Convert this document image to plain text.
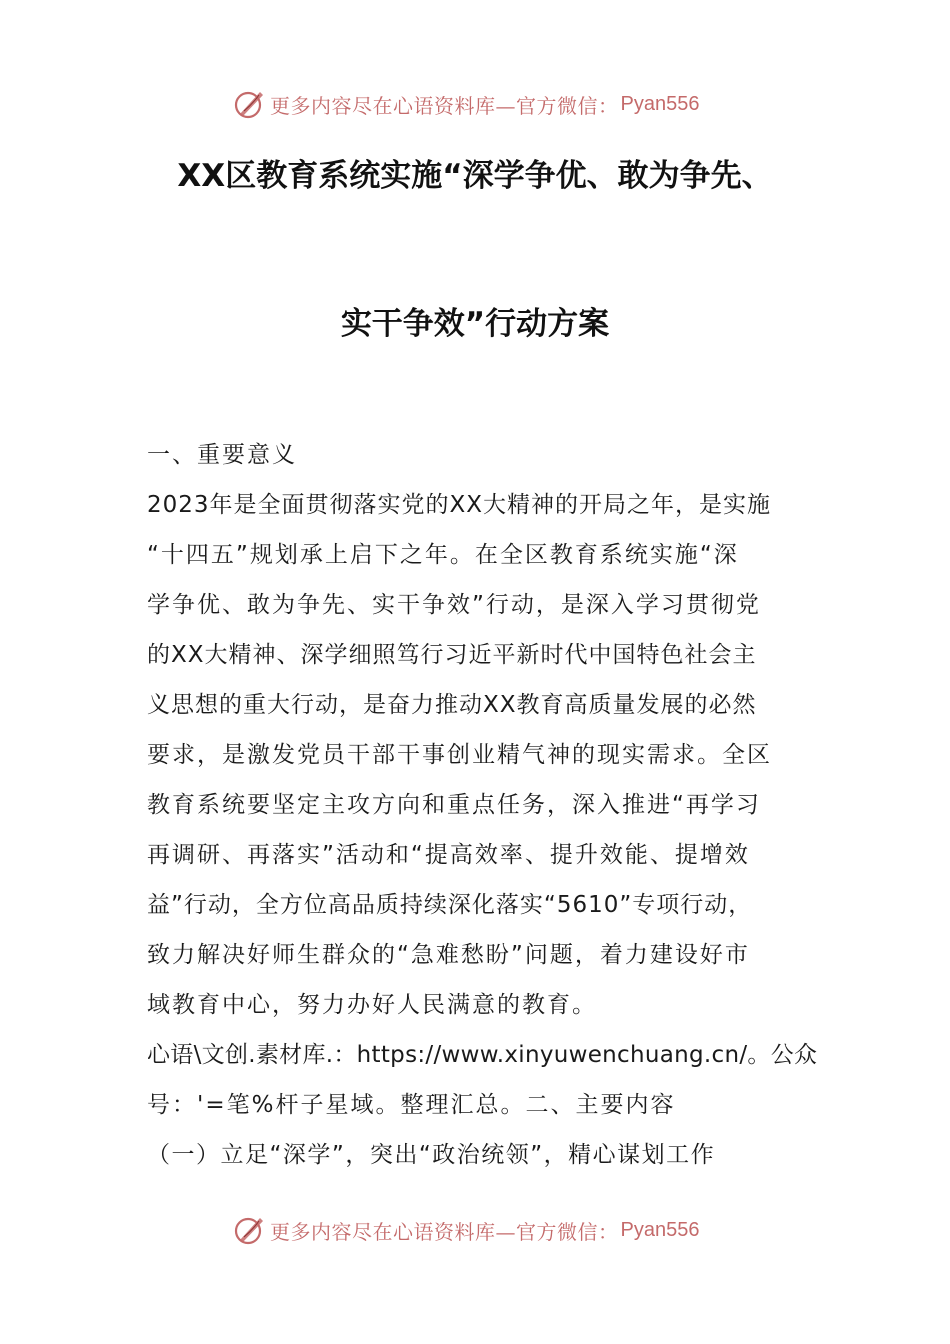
更多内容尽在心语资料库—官方微信： Pyan556
XX区教育系统实施“深学争优、敢为争先、
实干争效”行动方案
一、重要意义
2023年是全面贯彻落实党的XX大精神的开局之年，是实施
“十四五”规划承上启下之年。在全区教育系统实施“深
学争优、敢为争先、实干争效”行动，是深入学习贯彻党
的XX大精神、深学细照笃行习近平新时代中国特色社会主
义思想的重大行动，是奋力推动XX教育高质量发展的必然
要求，是激发党员干部干事创业精气神的现实需求。全区
教育系统要坚定主攻方向和重点任务，深入推进“再学习
再调研、再落实”活动和“提高效率、提升效能、提增效
益”行动，全方位高品质持续深化落实“5610”专项行动，
致力解决好师生群众的“急难愁盼”问题，着力建设好市
域教育中心，努力办好人民满意的教育。
心语\文创.素材库.：https://www.xinyuwenchuang.cn/。公众
号：'=笔%杆子星域。整理汇总。二、主要内容
（一）立足“深学”，突出“政治统领”，精心谋划工作
更多内容尽在心语资料库—官方微信： Pyan556
